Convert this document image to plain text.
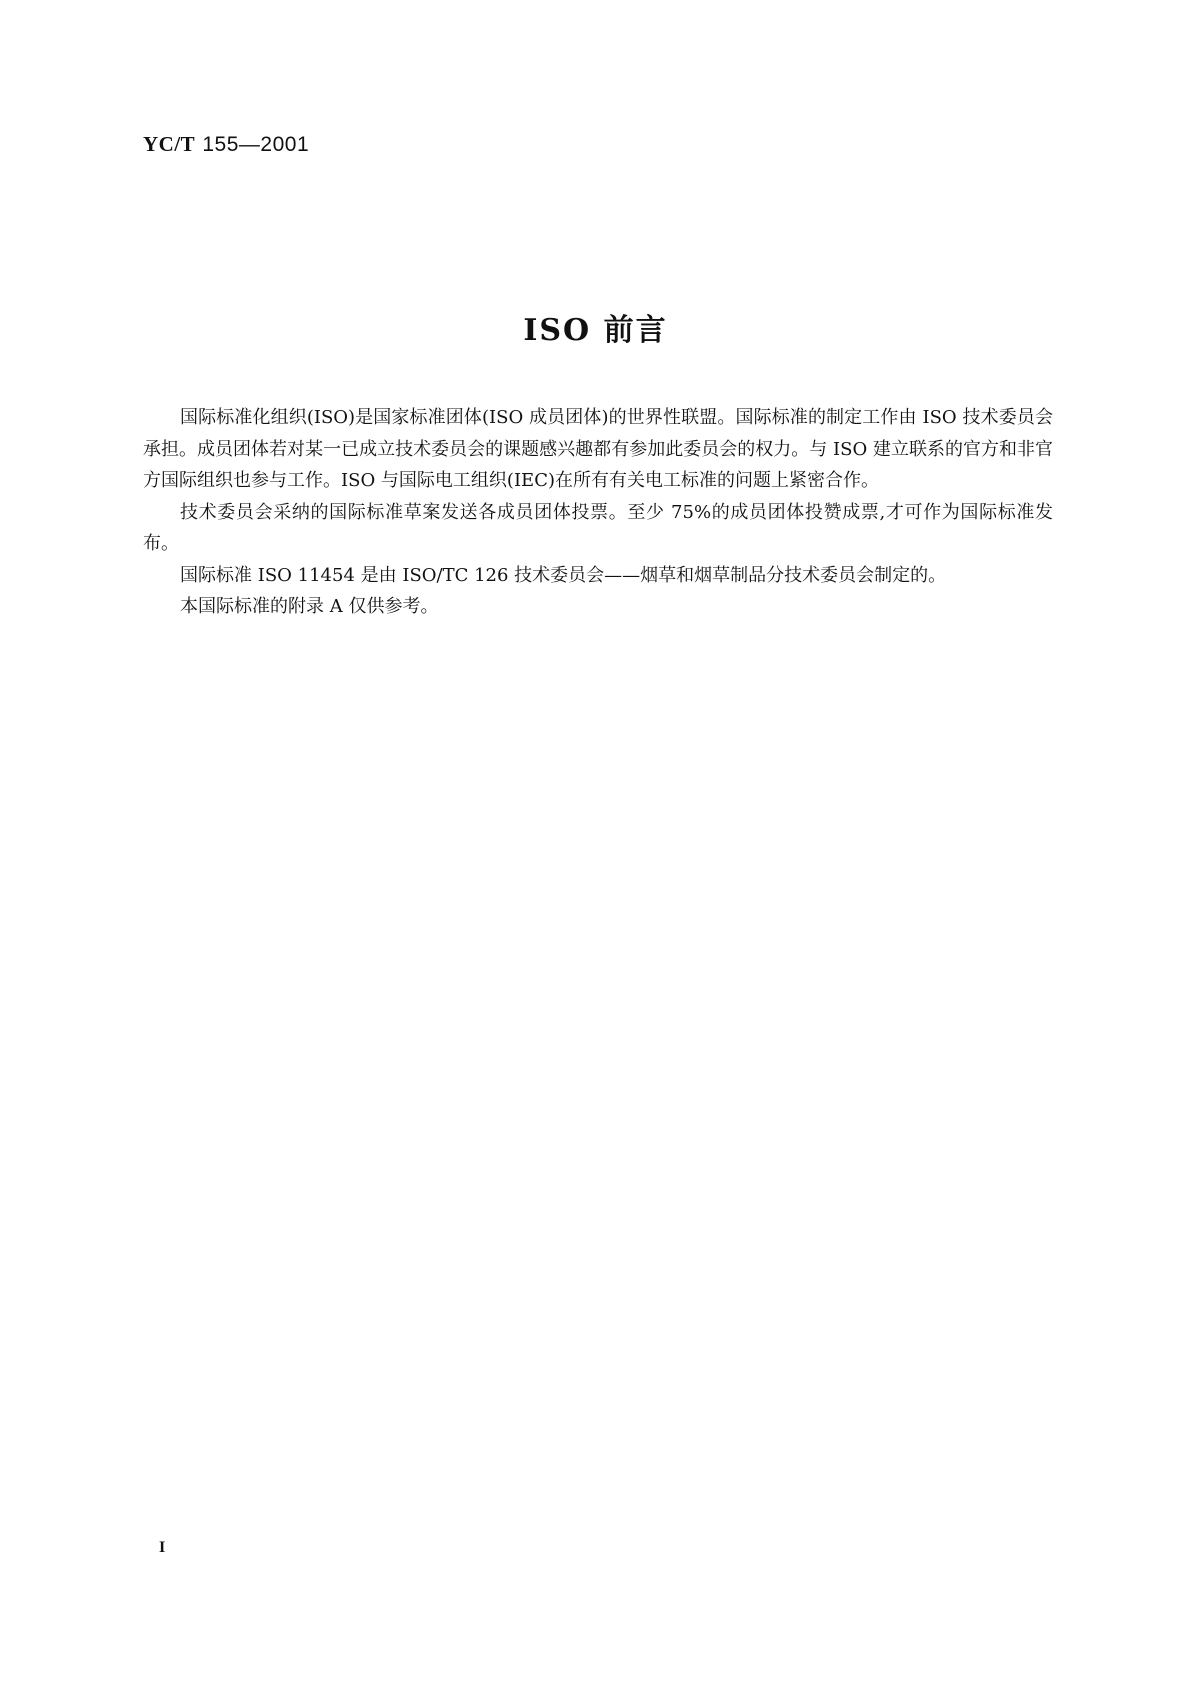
YC/T 155—2001
ISO 前言

国际标准化组织(ISO)是国家标准团体(ISO 成员团体)的世界性联盟。国际标准的制定工作由 ISO 技术委员会承担。成员团体若对某一已成立技术委员会的课题感兴趣都有参加此委员会的权力。与 ISO 建立联系的官方和非官方国际组织也参与工作。ISO 与国际电工组织(IEC)在所有有关电工标准的问题上紧密合作。

技术委员会采纳的国际标准草案发送各成员团体投票。至少 75%的成员团体投赞成票,才可作为国际标准发布。

国际标准 ISO 11454 是由 ISO/TC 126 技术委员会——烟草和烟草制品分技术委员会制定的。

本国际标准的附录 A 仅供参考。

I
